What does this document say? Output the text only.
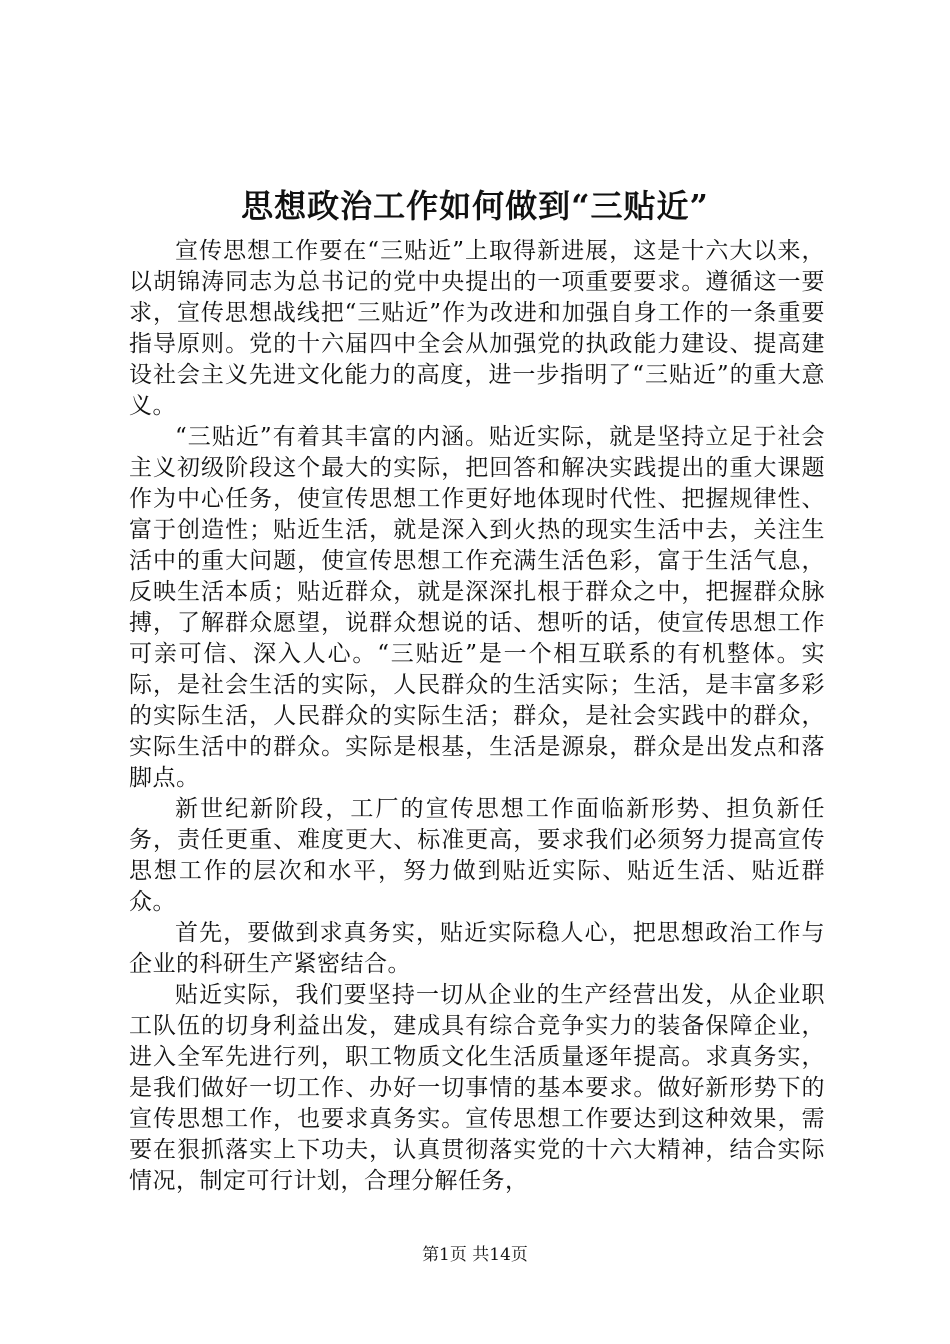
思想政治工作如何做到“三贴近”

宣传思想工作要在“三贴近”上取得新进展，这是十六大以来，以胡锦涛同志为总书记的党中央提出的一项重要要求。遵循这一要求，宣传思想战线把“三贴近”作为改进和加强自身工作的一条重要指导原则。党的十六届四中全会从加强党的执政能力建设、提高建设社会主义先进文化能力的高度，进一步指明了“三贴近”的重大意义。

“三贴近”有着其丰富的内涵。贴近实际，就是坚持立足于社会主义初级阶段这个最大的实际，把回答和解决实践提出的重大课题作为中心任务，使宣传思想工作更好地体现时代性、把握规律性、富于创造性；贴近生活，就是深入到火热的现实生活中去，关注生活中的重大问题，使宣传思想工作充满生活色彩，富于生活气息，反映生活本质；贴近群众，就是深深扎根于群众之中，把握群众脉搏，了解群众愿望，说群众想说的话、想听的话，使宣传思想工作可亲可信、深入人心。“三贴近”是一个相互联系的有机整体。实际，是社会生活的实际，人民群众的生活实际；生活，是丰富多彩的实际生活，人民群众的实际生活；群众，是社会实践中的群众，实际生活中的群众。实际是根基，生活是源泉，群众是出发点和落脚点。

新世纪新阶段，工厂的宣传思想工作面临新形势、担负新任务，责任更重、难度更大、标准更高，要求我们必须努力提高宣传思想工作的层次和水平，努力做到贴近实际、贴近生活、贴近群众。

首先，要做到求真务实，贴近实际稳人心，把思想政治工作与企业的科研生产紧密结合。

贴近实际，我们要坚持一切从企业的生产经营出发，从企业职工队伍的切身利益出发，建成具有综合竞争实力的装备保障企业，进入全军先进行列，职工物质文化生活质量逐年提高。求真务实，是我们做好一切工作、办好一切事情的基本要求。做好新形势下的宣传思想工作，也要求真务实。宣传思想工作要达到这种效果，需要在狠抓落实上下功夫，认真贯彻落实党的十六大精神，结合实际情况，制定可行计划，合理分解任务，

第1页 共14页
